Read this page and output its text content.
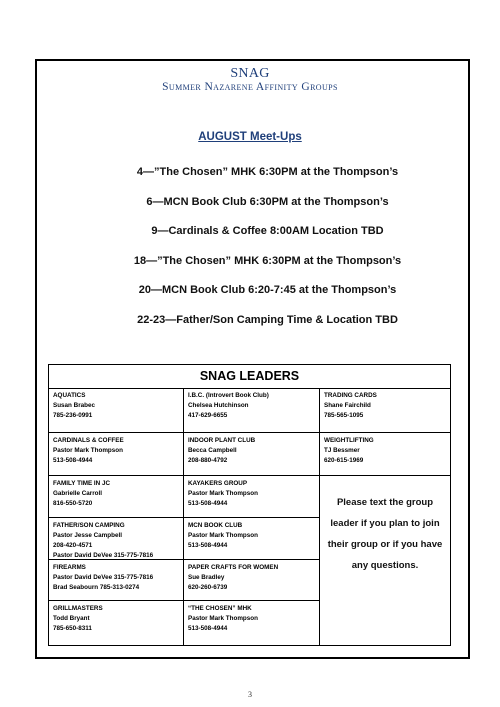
SNAG
Summer Nazarene Affinity Groups
AUGUST Meet-Ups
4—”The Chosen” MHK 6:30PM at the Thompson’s
6—MCN Book Club 6:30PM at the Thompson’s
9—Cardinals & Coffee 8:00AM Location TBD
18—”The Chosen” MHK 6:30PM at the Thompson’s
20—MCN Book Club 6:20-7:45 at the Thompson’s
22-23—Father/Son Camping Time & Location TBD
SNAG LEADERS
AQUATICS
Susan Brabec
785-236-0991
I.B.C. (Introvert Book Club)
Chelsea Hutchinson
417-629-6655
TRADING CARDS
Shane Fairchild
785-565-1095
CARDINALS & COFFEE
Pastor Mark Thompson
513-508-4944
INDOOR PLANT CLUB
Becca Campbell
208-880-4792
WEIGHTLIFTING
TJ Bessmer
620-615-1969
FAMILY TIME IN JC
Gabrielle Carroll
816-550-5720
KAYAKERS GROUP
Pastor Mark Thompson
513-508-4944
FATHER/SON CAMPING
Pastor Jesse Campbell
208-420-4571
Pastor David DeVee 315-775-7816
MCN BOOK CLUB
Pastor Mark Thompson
513-508-4944
FIREARMS
Pastor David DeVee 315-775-7816
Brad Seabourn 785-313-0274
PAPER CRAFTS FOR WOMEN
Sue Bradley
620-260-6739
GRILLMASTERS
Todd Bryant
785-650-8311
“THE CHOSEN” MHK
Pastor Mark Thompson
513-508-4944
Please text the group leader if you plan to join their group or if you have any questions.
3
